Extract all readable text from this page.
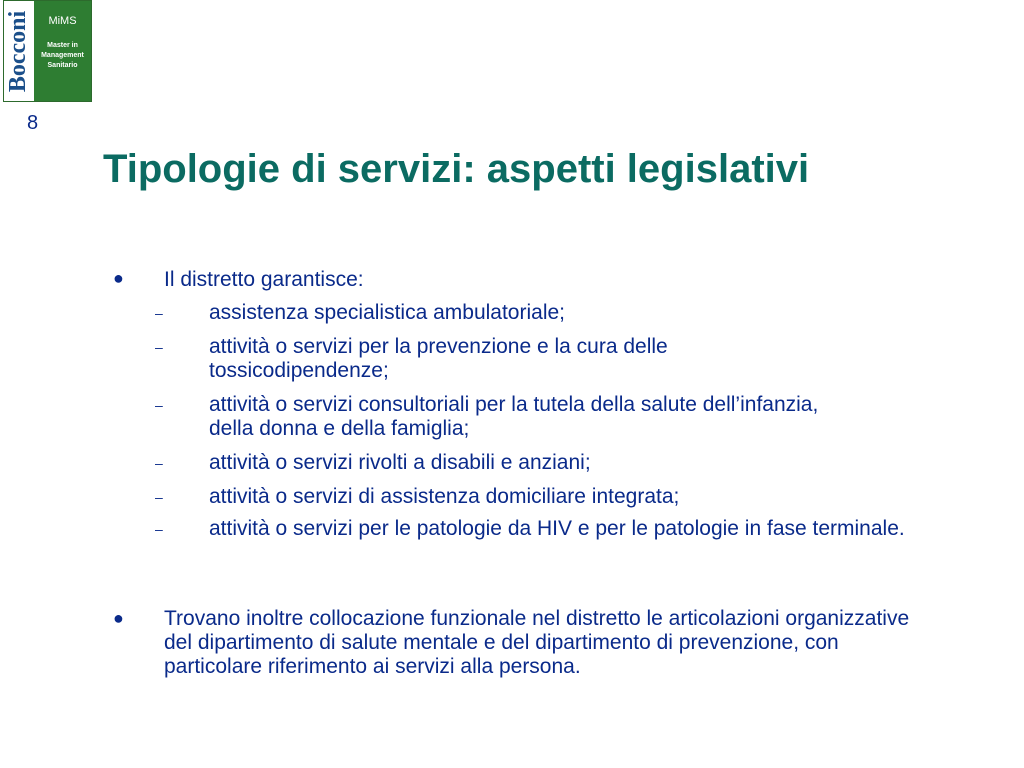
Bocconi MiMS
Master in
Management
Sanitario
8
Tipologie di servizi: aspetti legislativi
● Il distretto garantisce:
– assistenza specialistica ambulatoriale;
– attività o servizi per la prevenzione e la cura delle tossicodipendenze;
– attività o servizi consultoriali per la tutela della salute dell’infanzia, della donna e della famiglia;
– attività o servizi rivolti a disabili e anziani;
– attività o servizi di assistenza domiciliare integrata;
– attività o servizi per le patologie da HIV e per le patologie in fase terminale.
● Trovano inoltre collocazione funzionale nel distretto le articolazioni organizzative del dipartimento di salute mentale e del dipartimento di prevenzione, con particolare riferimento ai servizi alla persona.
